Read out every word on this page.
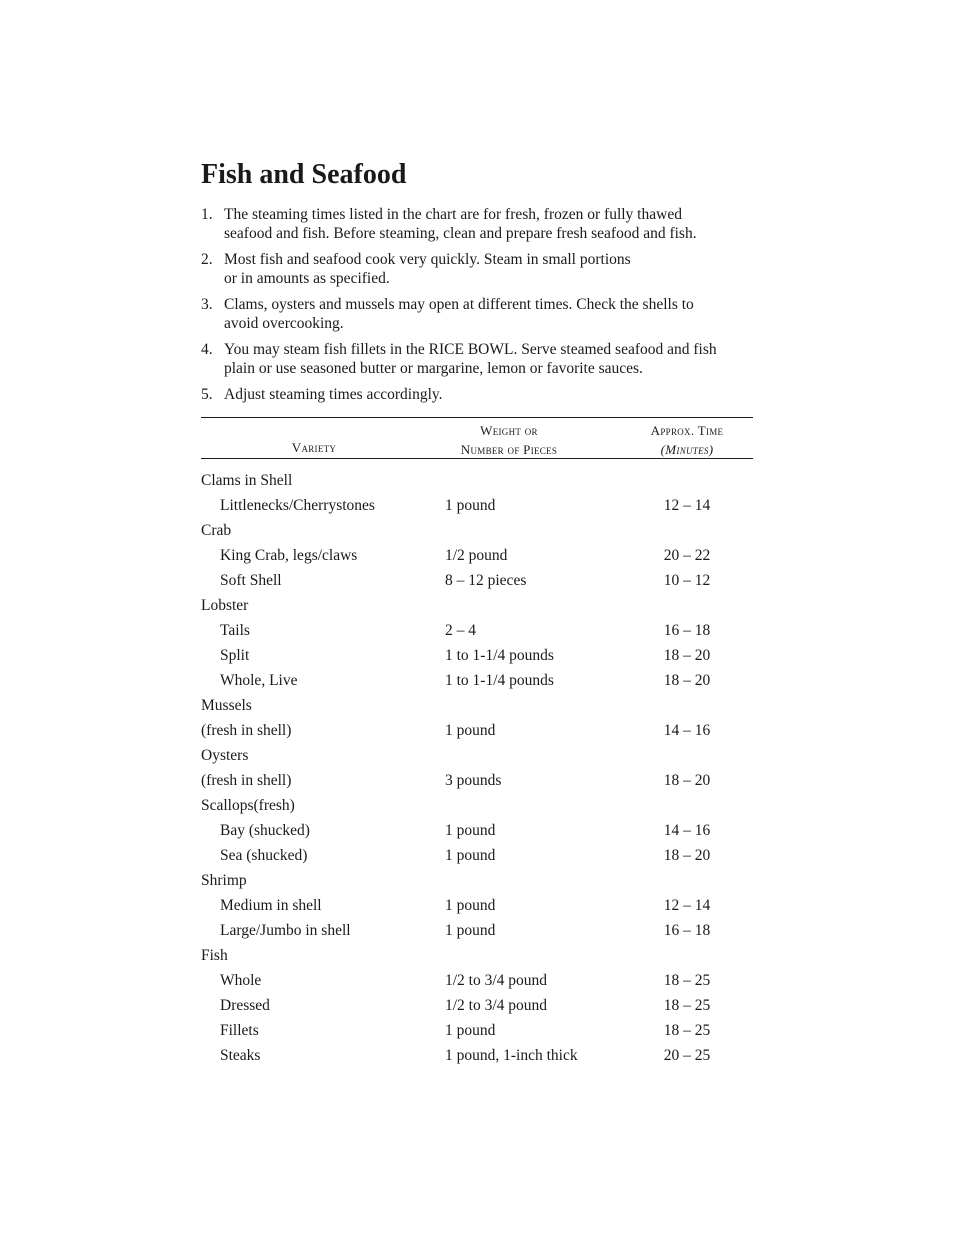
Fish and Seafood
1. The steaming times listed in the chart are for fresh, frozen or fully thawed
seafood and fish. Before steaming, clean and prepare fresh seafood and fish.
2. Most fish and seafood cook very quickly. Steam in small portions
or in amounts as specified.
3. Clams, oysters and mussels may open at different times. Check the shells to
avoid overcooking.
4. You may steam fish fillets in the RICE BOWL. Serve steamed seafood and fish
plain or use seasoned butter or margarine, lemon or favorite sauces.
5. Adjust steaming times accordingly.
Variety
Weight or
Number of Pieces
Approx. Time
(Minutes)
Clams in Shell
Littlenecks/Cherrystones	1 pound	12 – 14
Crab
King Crab, legs/claws	1/2 pound	20 – 22
Soft Shell	8 – 12 pieces	10 – 12
Lobster
Tails	2 – 4	16 – 18
Split	1 to 1-1/4 pounds	18 – 20
Whole, Live	1 to 1-1/4 pounds	18 – 20
Mussels
(fresh in shell)	1 pound	14 – 16
Oysters
(fresh in shell)	3 pounds	18 – 20
Scallops(fresh)
Bay (shucked)	1 pound	14 – 16
Sea (shucked)	1 pound	18 – 20
Shrimp
Medium in shell	1 pound	12 – 14
Large/Jumbo in shell	1 pound	16 – 18
Fish
Whole	1/2 to 3/4 pound	18 – 25
Dressed	1/2 to 3/4 pound	18 – 25
Fillets	1 pound	18 – 25
Steaks	1 pound, 1-inch thick	20 – 25
